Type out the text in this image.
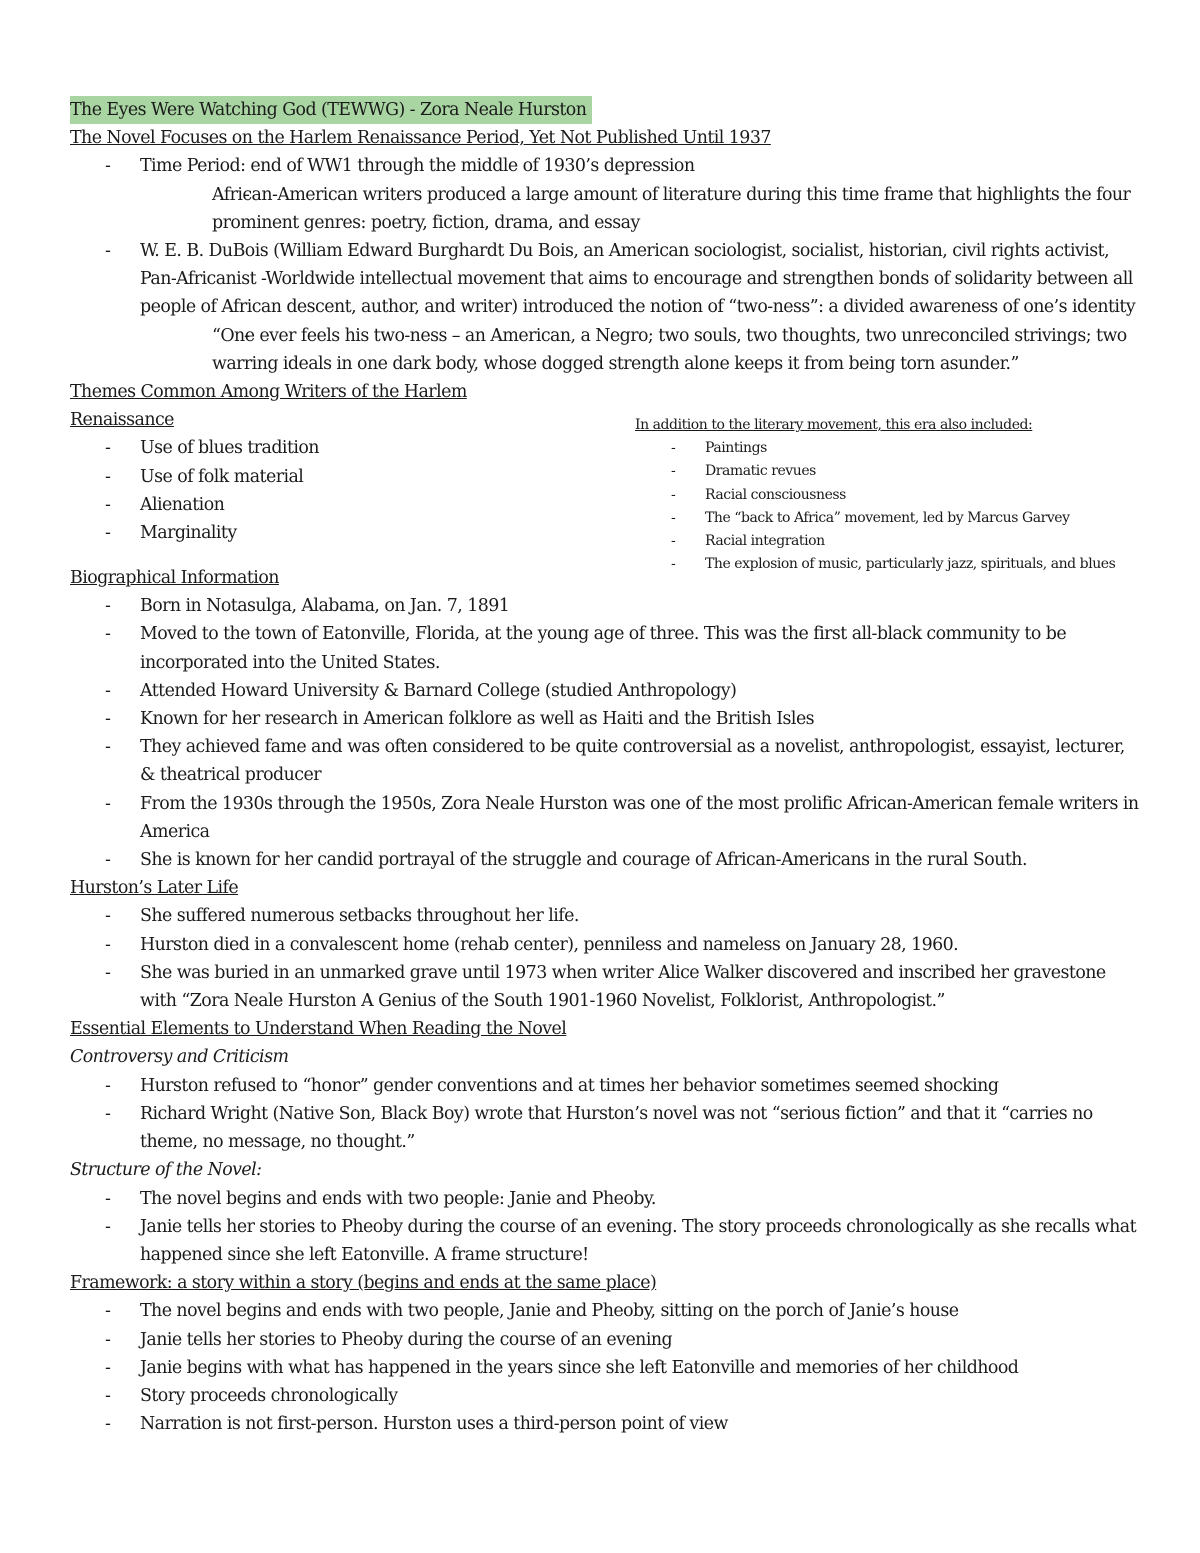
The Eyes Were Watching God (TEWWG) - Zora Neale Hurston
The Novel Focuses on the Harlem Renaissance Period, Yet Not Published Until 1937
- Time Period: end of WW1 through the middle of 1930’s depression
- African-American writers produced a large amount of literature during this time frame that highlights the four prominent genres: poetry, fiction, drama, and essay
- W. E. B. DuBois (William Edward Burghardt Du Bois, an American sociologist, socialist, historian, civil rights activist, Pan-Africanist -Worldwide intellectual movement that aims to encourage and strengthen bonds of solidarity between all people of African descent, author, and writer) introduced the notion of “two-ness”: a divided awareness of one’s identity
- “One ever feels his two-ness – an American, a Negro; two souls, two thoughts, two unreconciled strivings; two warring ideals in one dark body, whose dogged strength alone keeps it from being torn asunder.”
Themes Common Among Writers of the Harlem
Renaissance
- Use of blues tradition
- Use of folk material
- Alienation
- Marginality
In addition to the literary movement, this era also included:
- Paintings
- Dramatic revues
- Racial consciousness
- The “back to Africa” movement, led by Marcus Garvey
- Racial integration
- The explosion of music, particularly jazz, spirituals, and blues
Biographical Information
- Born in Notasulga, Alabama, on Jan. 7, 1891
- Moved to the town of Eatonville, Florida, at the young age of three. This was the first all-black community to be incorporated into the United States.
- Attended Howard University & Barnard College (studied Anthropology)
- Known for her research in American folklore as well as Haiti and the British Isles
- They achieved fame and was often considered to be quite controversial as a novelist, anthropologist, essayist, lecturer, & theatrical producer
- From the 1930s through the 1950s, Zora Neale Hurston was one of the most prolific African-American female writers in America
- She is known for her candid portrayal of the struggle and courage of African-Americans in the rural South.
Hurston’s Later Life
- She suffered numerous setbacks throughout her life.
- Hurston died in a convalescent home (rehab center), penniless and nameless on January 28, 1960.
- She was buried in an unmarked grave until 1973 when writer Alice Walker discovered and inscribed her gravestone with “Zora Neale Hurston A Genius of the South 1901-1960 Novelist, Folklorist, Anthropologist.”
Essential Elements to Understand When Reading the Novel
Controversy and Criticism
- Hurston refused to “honor” gender conventions and at times her behavior sometimes seemed shocking
- Richard Wright (Native Son, Black Boy) wrote that Hurston’s novel was not “serious fiction” and that it “carries no theme, no message, no thought.”
Structure of the Novel:
- The novel begins and ends with two people: Janie and Pheoby.
- Janie tells her stories to Pheoby during the course of an evening. The story proceeds chronologically as she recalls what happened since she left Eatonville. A frame structure!
Framework: a story within a story (begins and ends at the same place)
- The novel begins and ends with two people, Janie and Pheoby, sitting on the porch of Janie’s house
- Janie tells her stories to Pheoby during the course of an evening
- Janie begins with what has happened in the years since she left Eatonville and memories of her childhood
- Story proceeds chronologically
- Narration is not first-person. Hurston uses a third-person point of view
